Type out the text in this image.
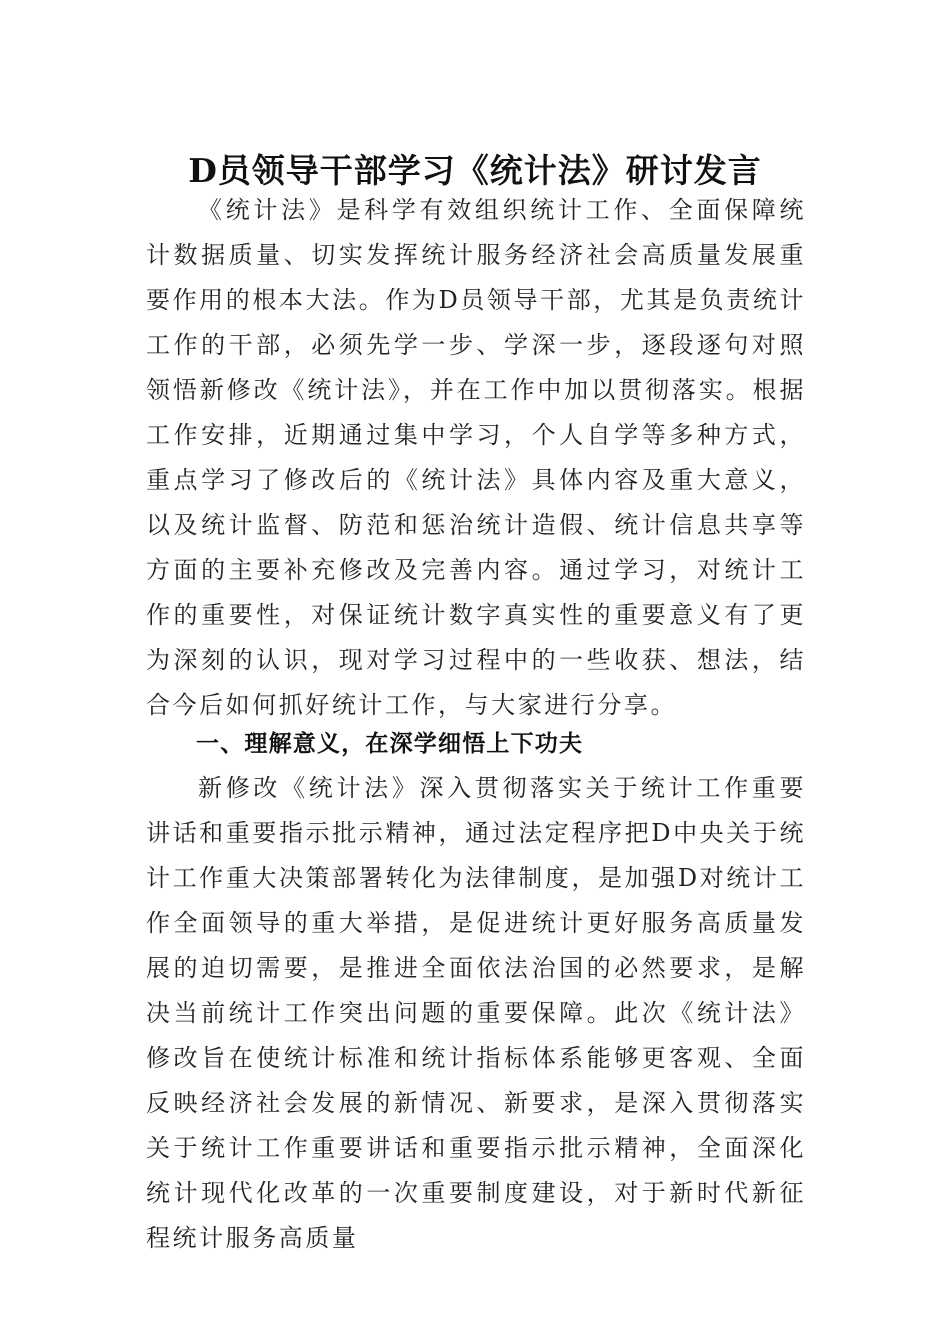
D员领导干部学习《统计法》研讨发言

《统计法》是科学有效组织统计工作、全面保障统计数据质量、切实发挥统计服务经济社会高质量发展重要作用的根本大法。作为D员领导干部，尤其是负责统计工作的干部，必须先学一步、学深一步，逐段逐句对照领悟新修改《统计法》，并在工作中加以贯彻落实。根据工作安排，近期通过集中学习，个人自学等多种方式，重点学习了修改后的《统计法》具体内容及重大意义，以及统计监督、防范和惩治统计造假、统计信息共享等方面的主要补充修改及完善内容。通过学习，对统计工作的重要性，对保证统计数字真实性的重要意义有了更为深刻的认识，现对学习过程中的一些收获、想法，结合今后如何抓好统计工作，与大家进行分享。

一、理解意义，在深学细悟上下功夫

新修改《统计法》深入贯彻落实关于统计工作重要讲话和重要指示批示精神，通过法定程序把D中央关于统计工作重大决策部署转化为法律制度，是加强D对统计工作全面领导的重大举措，是促进统计更好服务高质量发展的迫切需要，是推进全面依法治国的必然要求，是解决当前统计工作突出问题的重要保障。此次《统计法》修改旨在使统计标准和统计指标体系能够更客观、全面反映经济社会发展的新情况、新要求，是深入贯彻落实关于统计工作重要讲话和重要指示批示精神，全面深化统计现代化改革的一次重要制度建设，对于新时代新征程统计服务高质量
